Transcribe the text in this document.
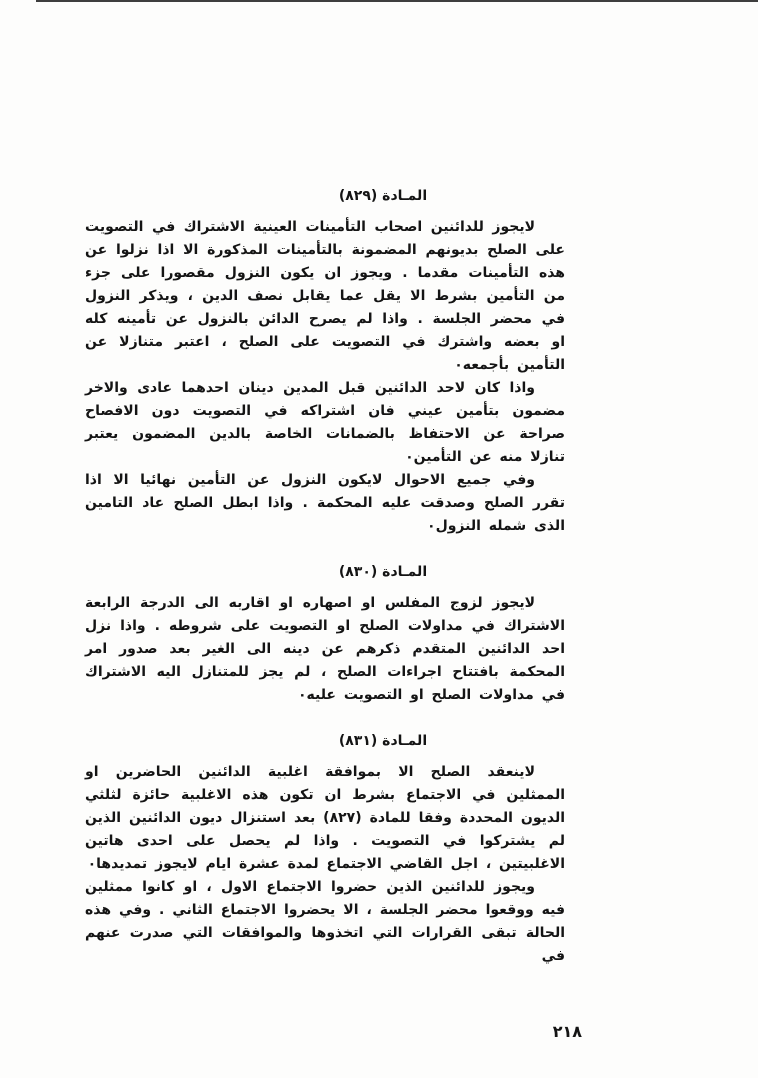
المـادة (٨٢٩)

لايجوز للدائنين اصحاب التأمينات العينية الاشتراك في التصويت على الصلح بديونهم المضمونة بالتأمينات المذكورة الا اذا نزلوا عن هذه التأمينات مقدما . ويجوز ان يكون النزول مقصورا على جزء من التأمين بشرط الا يقل عما يقابل نصف الدين ، ويذكر النزول في محضر الجلسة . واذا لم يصرح الدائن بالنزول عن تأمينه كله او بعضه واشترك في التصويت على الصلح ، اعتبر متنازلا عن التأمين بأجمعه٠

واذا كان لاحد الدائنين قبل المدين دينان احدهما عادى والاخر مضمون بتأمين عيني فان اشتراكه في التصويت دون الافصاح صراحة عن الاحتفاظ بالضمانات الخاصة بالدين المضمون يعتبر تنازلا منه عن التأمين٠

وفي جميع الاحوال لايكون النزول عن التأمين نهائيا الا اذا تقرر الصلح وصدقت عليه المحكمة . واذا ابطل الصلح عاد التامين الذى شمله النزول٠

المـادة (٨٣٠)

لايجوز لزوج المفلس او اصهاره او اقاربه الى الدرجة الرابعة الاشتراك في مداولات الصلح او التصويت على شروطه . واذا نزل احد الدائنين المتقدم ذكرهم عن دينه الى الغير بعد صدور امر المحكمة بافتتاح اجراءات الصلح ، لم يجز للمتنازل اليه الاشتراك في مداولات الصلح او التصويت عليه٠

المـادة (٨٣١)

لاينعقد الصلح الا بموافقة اغلبية الدائنين الحاضرين او الممثلين في الاجتماع بشرط ان تكون هذه الاغلبية حائزة لثلثي الديون المحددة وفقا للمادة (٨٢٧) بعد استنزال ديون الدائنين الذين لم يشتركوا في التصويت . واذا لم يحصل على احدى هاتين الاغلبيتين ، اجل القاضي الاجتماع لمدة عشرة ايام لايجوز تمديدها٠

ويجوز للدائنين الذين حضروا الاجتماع الاول ، او كانوا ممثلين فيه ووقعوا محضر الجلسة ، الا يحضروا الاجتماع الثاني . وفي هذه الحالة تبقى القرارات التي اتخذوها والموافقات التي صدرت عنهم في

٢١٨
